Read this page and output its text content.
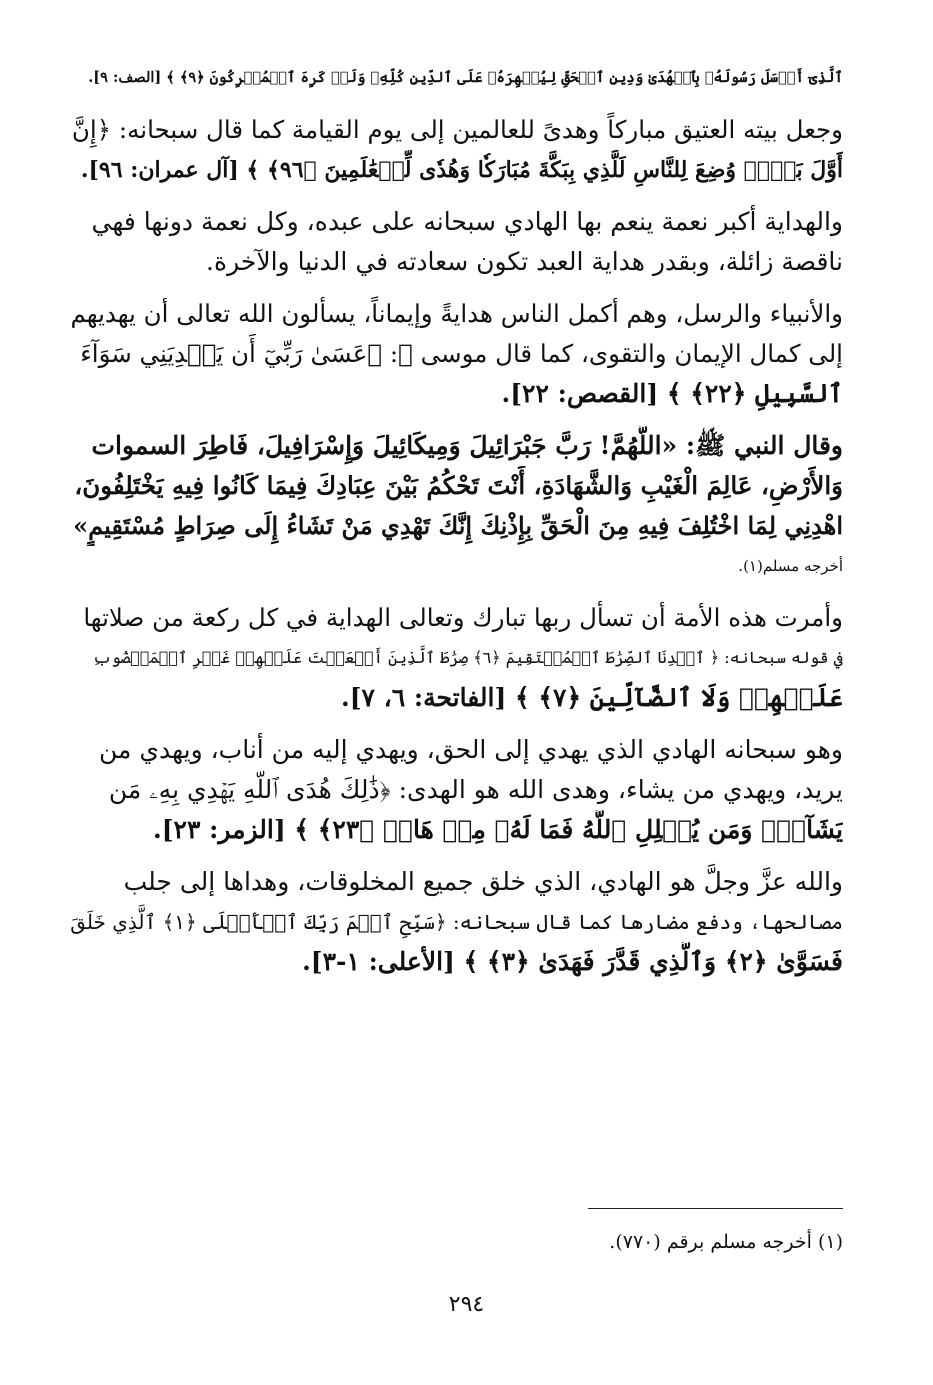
ٱلَّذِىٓ أَرۡسَلَ رَسُولَهُۥ بِٱلۡهُدَىٰ وَدِينِ ٱلۡحَقِّ لِيُظۡهِرَهُۥ عَلَى ٱلدِّينِ كُلِّهِۦ وَلَوۡ كَرِهَ ٱلۡمُشۡرِكُونَ ﴿٩﴾ ﴾ [الصف: ٩].

وجعل بيته العتيق مباركاً وهدىً للعالمين إلى يوم القيامة كما قال سبحانه: ﴿إِنَّ
أَوَّلَ بَيۡتٖ وُضِعَ لِلنَّاسِ لَلَّذِي بِبَكَّةَ مُبَارَكٗا وَهُدٗى لِّلۡعَٰلَمِينَ ﴿٩٦﴾ ﴾ [آل عمران: ٩٦].

والهداية أكبر نعمة ينعم بها الهادي سبحانه على عبده، وكل نعمة دونها فهي
ناقصة زائلة، وبقدر هداية العبد تكون سعادته في الدنيا والآخرة.

والأنبياء والرسل، وهم أكمل الناس هدايةً وإيماناً، يسألون الله تعالى أن يهديهم
إلى كمال الإيمان والتقوى، كما قال موسى ﷺ: ﴿عَسَىٰ رَبِّيٓ أَن يَهۡدِيَنِي سَوَآءَ
ٱلسَّبِيلِ ﴿٢٢﴾ ﴾ [القصص: ٢٢].

وقال النبي ﷺ: «اللَّهُمَّ! رَبَّ جَبْرَائِيلَ وَمِيكَائِيلَ وَإِسْرَافِيلَ، فَاطِرَ السموات
وَالأَرْضِ، عَالِمَ الْغَيْبِ وَالشَّهَادَةِ، أَنْتَ تَحْكُمُ بَيْنَ عِبَادِكَ فِيمَا كَانُوا فِيهِ يَخْتَلِفُونَ،
اهْدِنِي لِمَا اخْتُلِفَ فِيهِ مِنَ الْحَقِّ بِإِذْنِكَ إِنَّكَ تَهْدِي مَنْ تَشَاءُ إِلَى صِرَاطٍ مُسْتَقِيمٍ»
أخرجه مسلم(١).

وأمرت هذه الأمة أن تسأل ربها تبارك وتعالى الهداية في كل ركعة من صلاتها
في قوله سبحانه: ﴿ ٱهۡدِنَا ٱلصِّرَٰطَ ٱلۡمُسۡتَقِيمَ ﴿٦﴾ صِرَٰطَ ٱلَّذِينَ أَنۡعَمۡتَ عَلَيۡهِمۡ غَيۡرِ ٱلۡمَغۡضُوبِ
عَلَيۡهِمۡ وَلَا ٱلضَّآلِّينَ ﴿٧﴾ ﴾ [الفاتحة: ٦، ٧].

وهو سبحانه الهادي الذي يهدي إلى الحق، ويهدي إليه من أناب، ويهدي من
يريد، ويهدي من يشاء، وهدى الله هو الهدى: ﴿ذَٰلِكَ هُدَى ٱللَّهِ يَهۡدِي بِهِۦ مَن
يَشَآءُۚ وَمَن يُضۡلِلِ ٱللَّهُ فَمَا لَهُۥ مِنۡ هَادٖ ﴿٢٣﴾ ﴾ [الزمر: ٢٣].

والله عزَّ وجلَّ هو الهادي، الذي خلق جميع المخلوقات، وهداها إلى جلب
مصالحها، ودفع مضارها كما قال سبحانه: ﴿سَبِّحِ ٱسۡمَ رَبِّكَ ٱلۡأَعۡلَى ﴿١﴾ ٱلَّذِي خَلَقَ
فَسَوَّىٰ ﴿٢﴾ وَٱلَّذِي قَدَّرَ فَهَدَىٰ ﴿٣﴾ ﴾ [الأعلى: ١-٣].

(١) أخرجه مسلم برقم (٧٧٠).
٢٩٤
